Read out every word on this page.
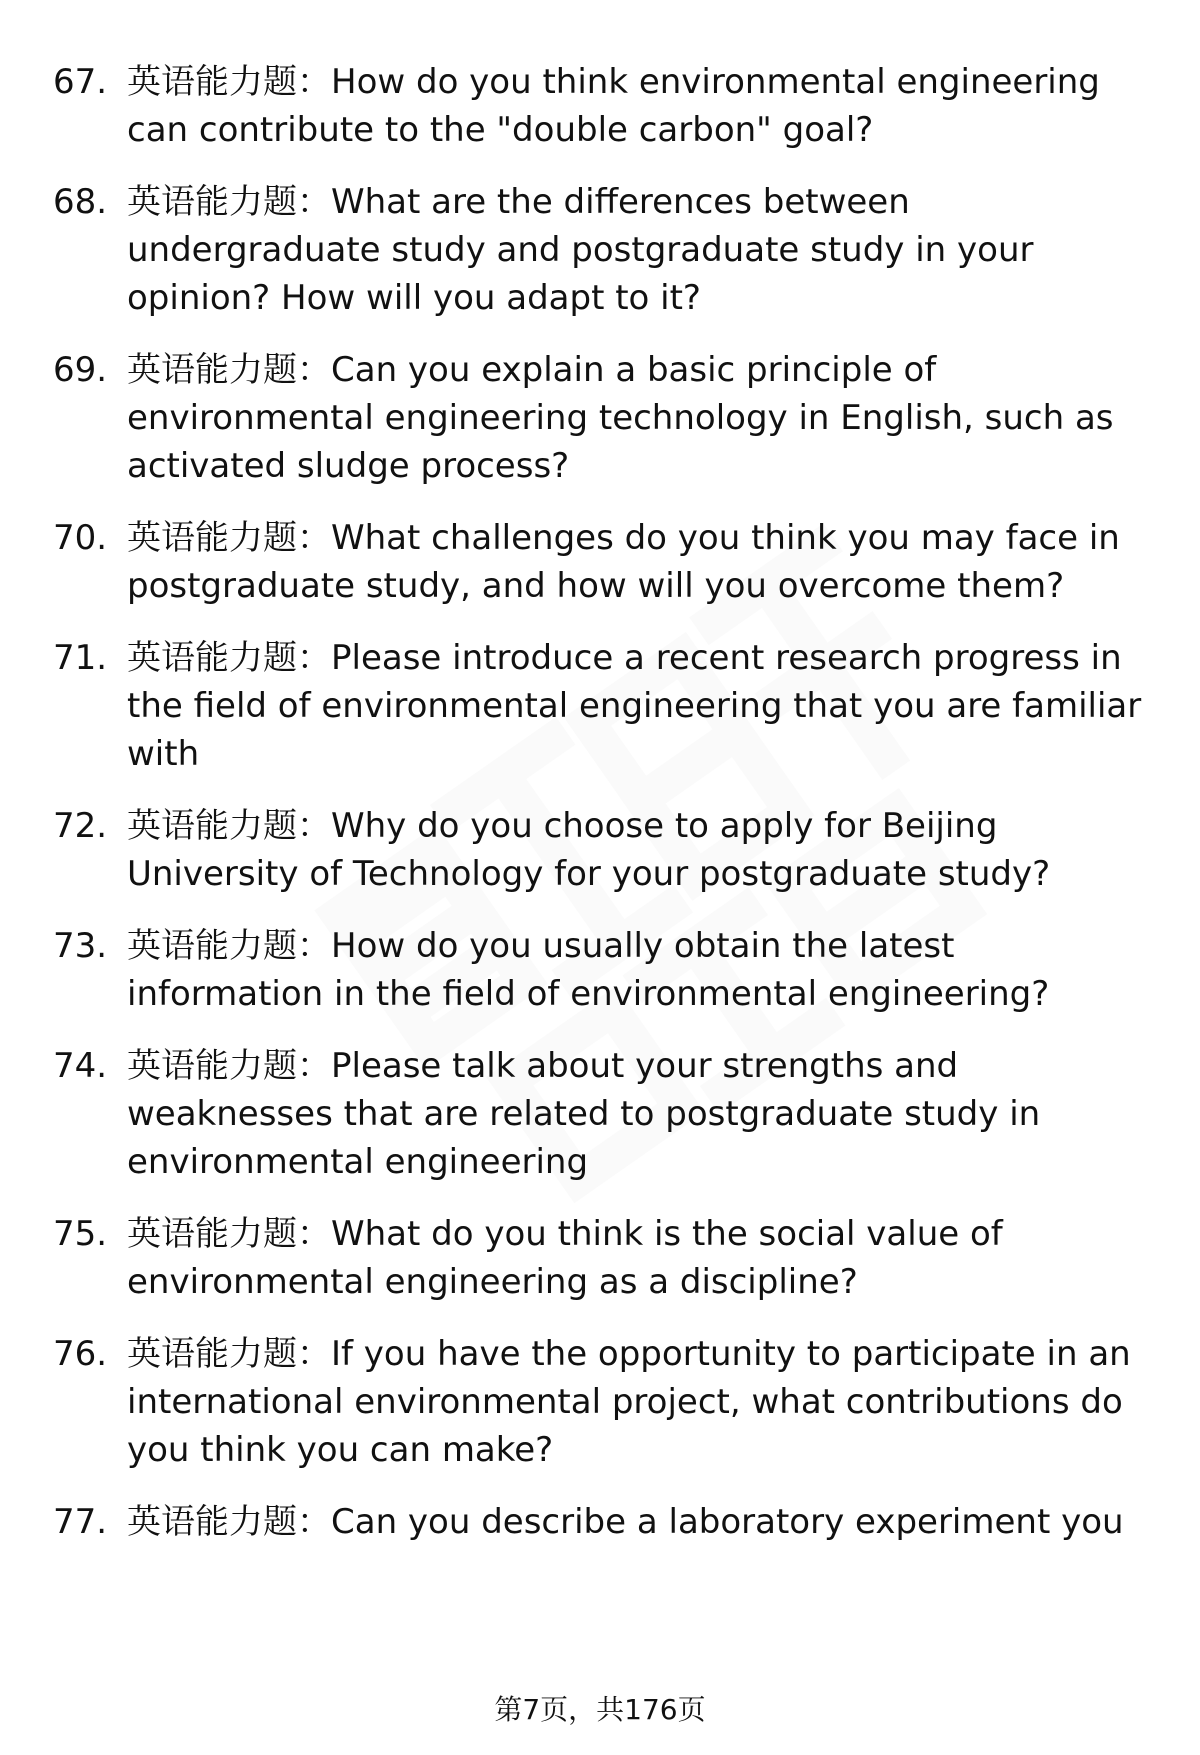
67. 英语能力题：How do you think environmental engineering can contribute to the "double carbon" goal?
68. 英语能力题：What are the differences between undergraduate study and postgraduate study in your opinion? How will you adapt to it?
69. 英语能力题：Can you explain a basic principle of environmental engineering technology in English, such as activated sludge process?
70. 英语能力题：What challenges do you think you may face in postgraduate study, and how will you overcome them?
71. 英语能力题：Please introduce a recent research progress in the field of environmental engineering that you are familiar with
72. 英语能力题：Why do you choose to apply for Beijing University of Technology for your postgraduate study?
73. 英语能力题：How do you usually obtain the latest information in the field of environmental engineering?
74. 英语能力题：Please talk about your strengths and weaknesses that are related to postgraduate study in environmental engineering
75. 英语能力题：What do you think is the social value of environmental engineering as a discipline?
76. 英语能力题：If you have the opportunity to participate in an international environmental project, what contributions do you think you can make?
77. 英语能力题：Can you describe a laboratory experiment you
第7页，共176页
